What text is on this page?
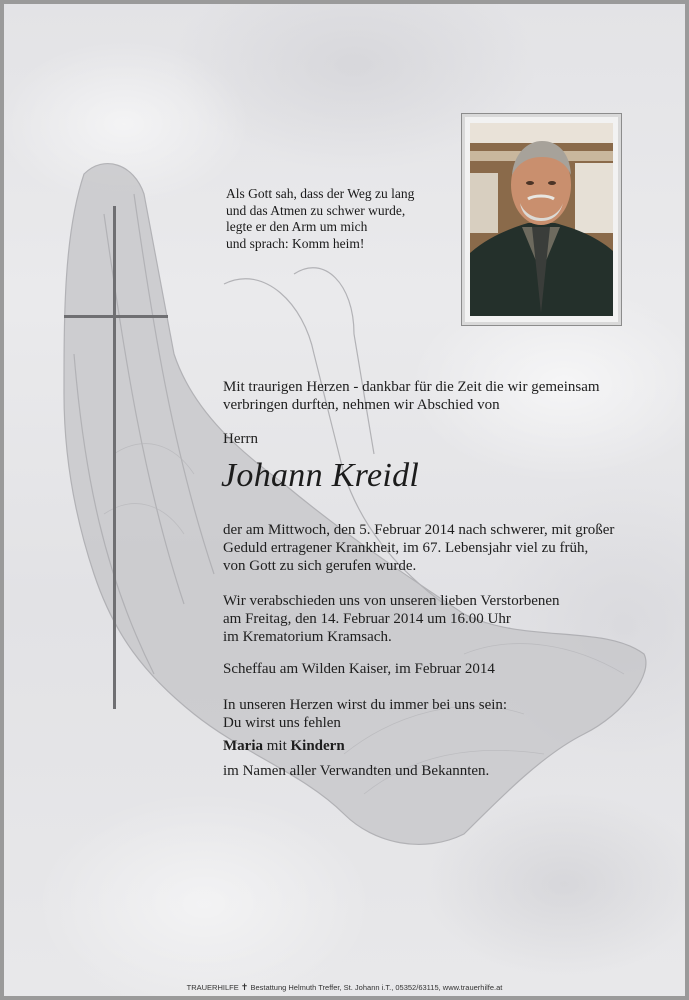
Als Gott sah, dass der Weg zu lang
und das Atmen zu schwer wurde,
legte er den Arm um mich
und sprach: Komm heim!
Mit traurigen Herzen - dankbar für die Zeit die wir gemeinsam
verbringen durften, nehmen wir Abschied von
Herrn
Johann Kreidl
der am Mittwoch, den 5. Februar 2014 nach schwerer, mit großer
Geduld ertragener Krankheit, im 67. Lebensjahr viel zu früh,
von Gott zu sich gerufen wurde.
Wir verabschieden uns von unseren lieben Verstorbenen
am Freitag, den 14. Februar 2014 um 16.00 Uhr
im Krematorium Kramsach.
Scheffau am Wilden Kaiser, im Februar 2014
In unseren Herzen wirst du immer bei uns sein:
Du wirst uns fehlen
Maria mit Kindern
im Namen aller Verwandten und Bekannten.
TRAUERHILFE ✝ Bestattung Helmuth Treffer, St. Johann i.T., 05352/63115, www.trauerhilfe.at
